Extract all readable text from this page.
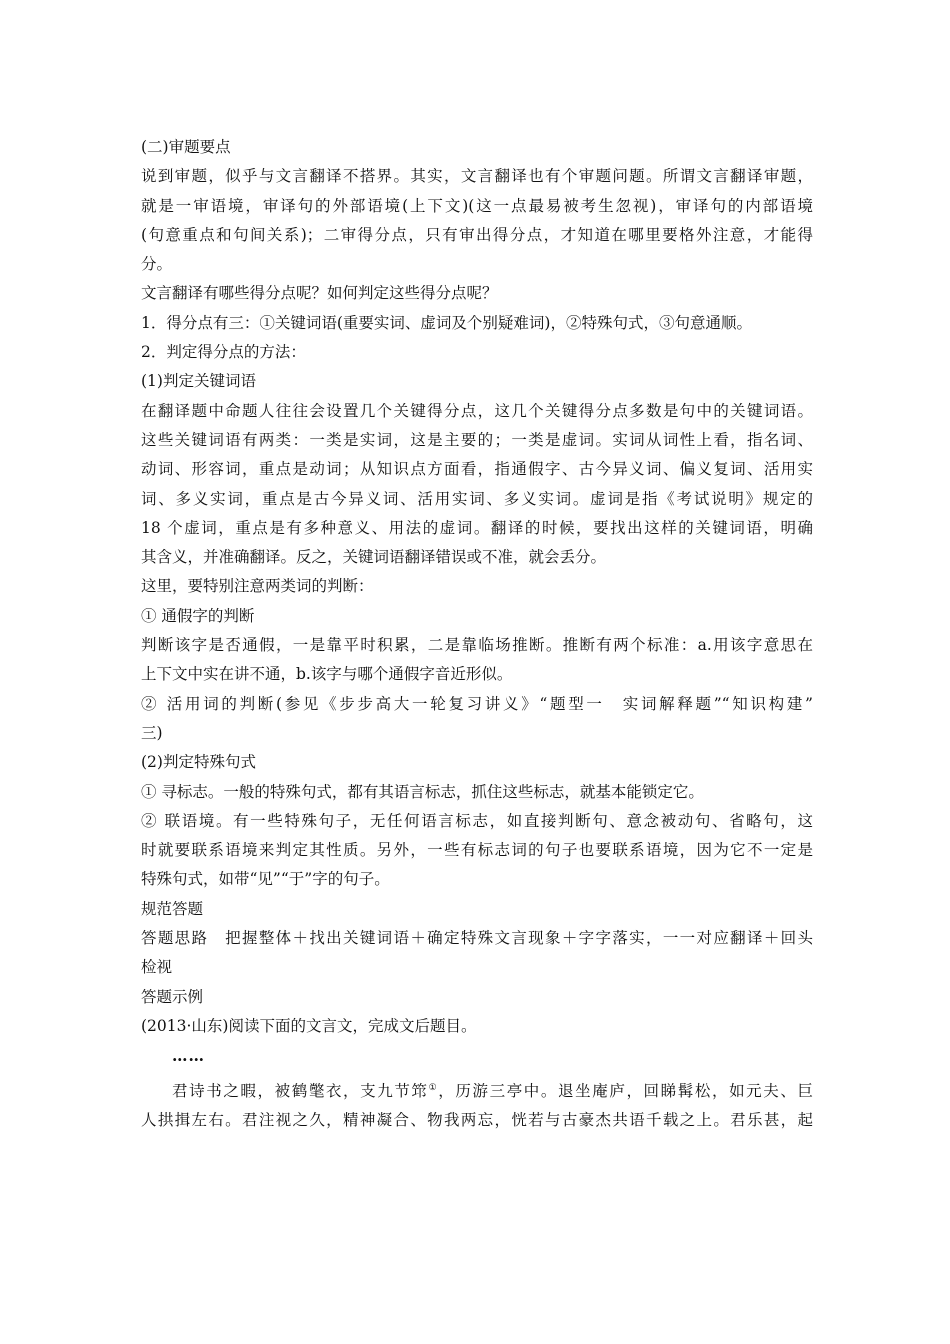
(二)审题要点
说到审题，似乎与文言翻译不搭界。其实，文言翻译也有个审题问题。所谓文言翻译审题，
就是一审语境，审译句的外部语境(上下文)(这一点最易被考生忽视)，审译句的内部语境
(句意重点和句间关系)；二审得分点，只有审出得分点，才知道在哪里要格外注意，才能得
分。
文言翻译有哪些得分点呢？如何判定这些得分点呢？
1．得分点有三：①关键词语(重要实词、虚词及个别疑难词)，②特殊句式，③句意通顺。
2．判定得分点的方法：
(1)判定关键词语
在翻译题中命题人往往会设置几个关键得分点，这几个关键得分点多数是句中的关键词语。
这些关键词语有两类：一类是实词，这是主要的；一类是虚词。实词从词性上看，指名词、
动词、形容词，重点是动词；从知识点方面看，指通假字、古今异义词、偏义复词、活用实
词、多义实词，重点是古今异义词、活用实词、多义实词。虚词是指《考试说明》规定的
18 个虚词，重点是有多种意义、用法的虚词。翻译的时候，要找出这样的关键词语，明确
其含义，并准确翻译。反之，关键词语翻译错误或不准，就会丢分。
这里，要特别注意两类词的判断：
① 通假字的判断
判断该字是否通假，一是靠平时积累，二是靠临场推断。推断有两个标准：a.用该字意思在
上下文中实在讲不通，b.该字与哪个通假字音近形似。
② 活用词的判断(参见《步步高大一轮复习讲义》“题型一　实词解释题”“知识构建”
三)
(2)判定特殊句式
① 寻标志。一般的特殊句式，都有其语言标志，抓住这些标志，就基本能锁定它。
② 联语境。有一些特殊句子，无任何语言标志，如直接判断句、意念被动句、省略句，这
时就要联系语境来判定其性质。另外，一些有标志词的句子也要联系语境，因为它不一定是
特殊句式，如带“见”“于”字的句子。
规范答题
答题思路　把握整体＋找出关键词语＋确定特殊文言现象＋字字落实，一一对应翻译＋回头
检视
答题示例
(2013·山东)阅读下面的文言文，完成文后题目。
……
君诗书之暇，被鹤氅衣，支九节筇①，历游三亭中。退坐庵庐，回睇髯松，如元夫、巨
人拱揖左右。君注视之久，精神凝合、物我两忘，恍若与古豪杰共语千载之上。君乐甚，起
